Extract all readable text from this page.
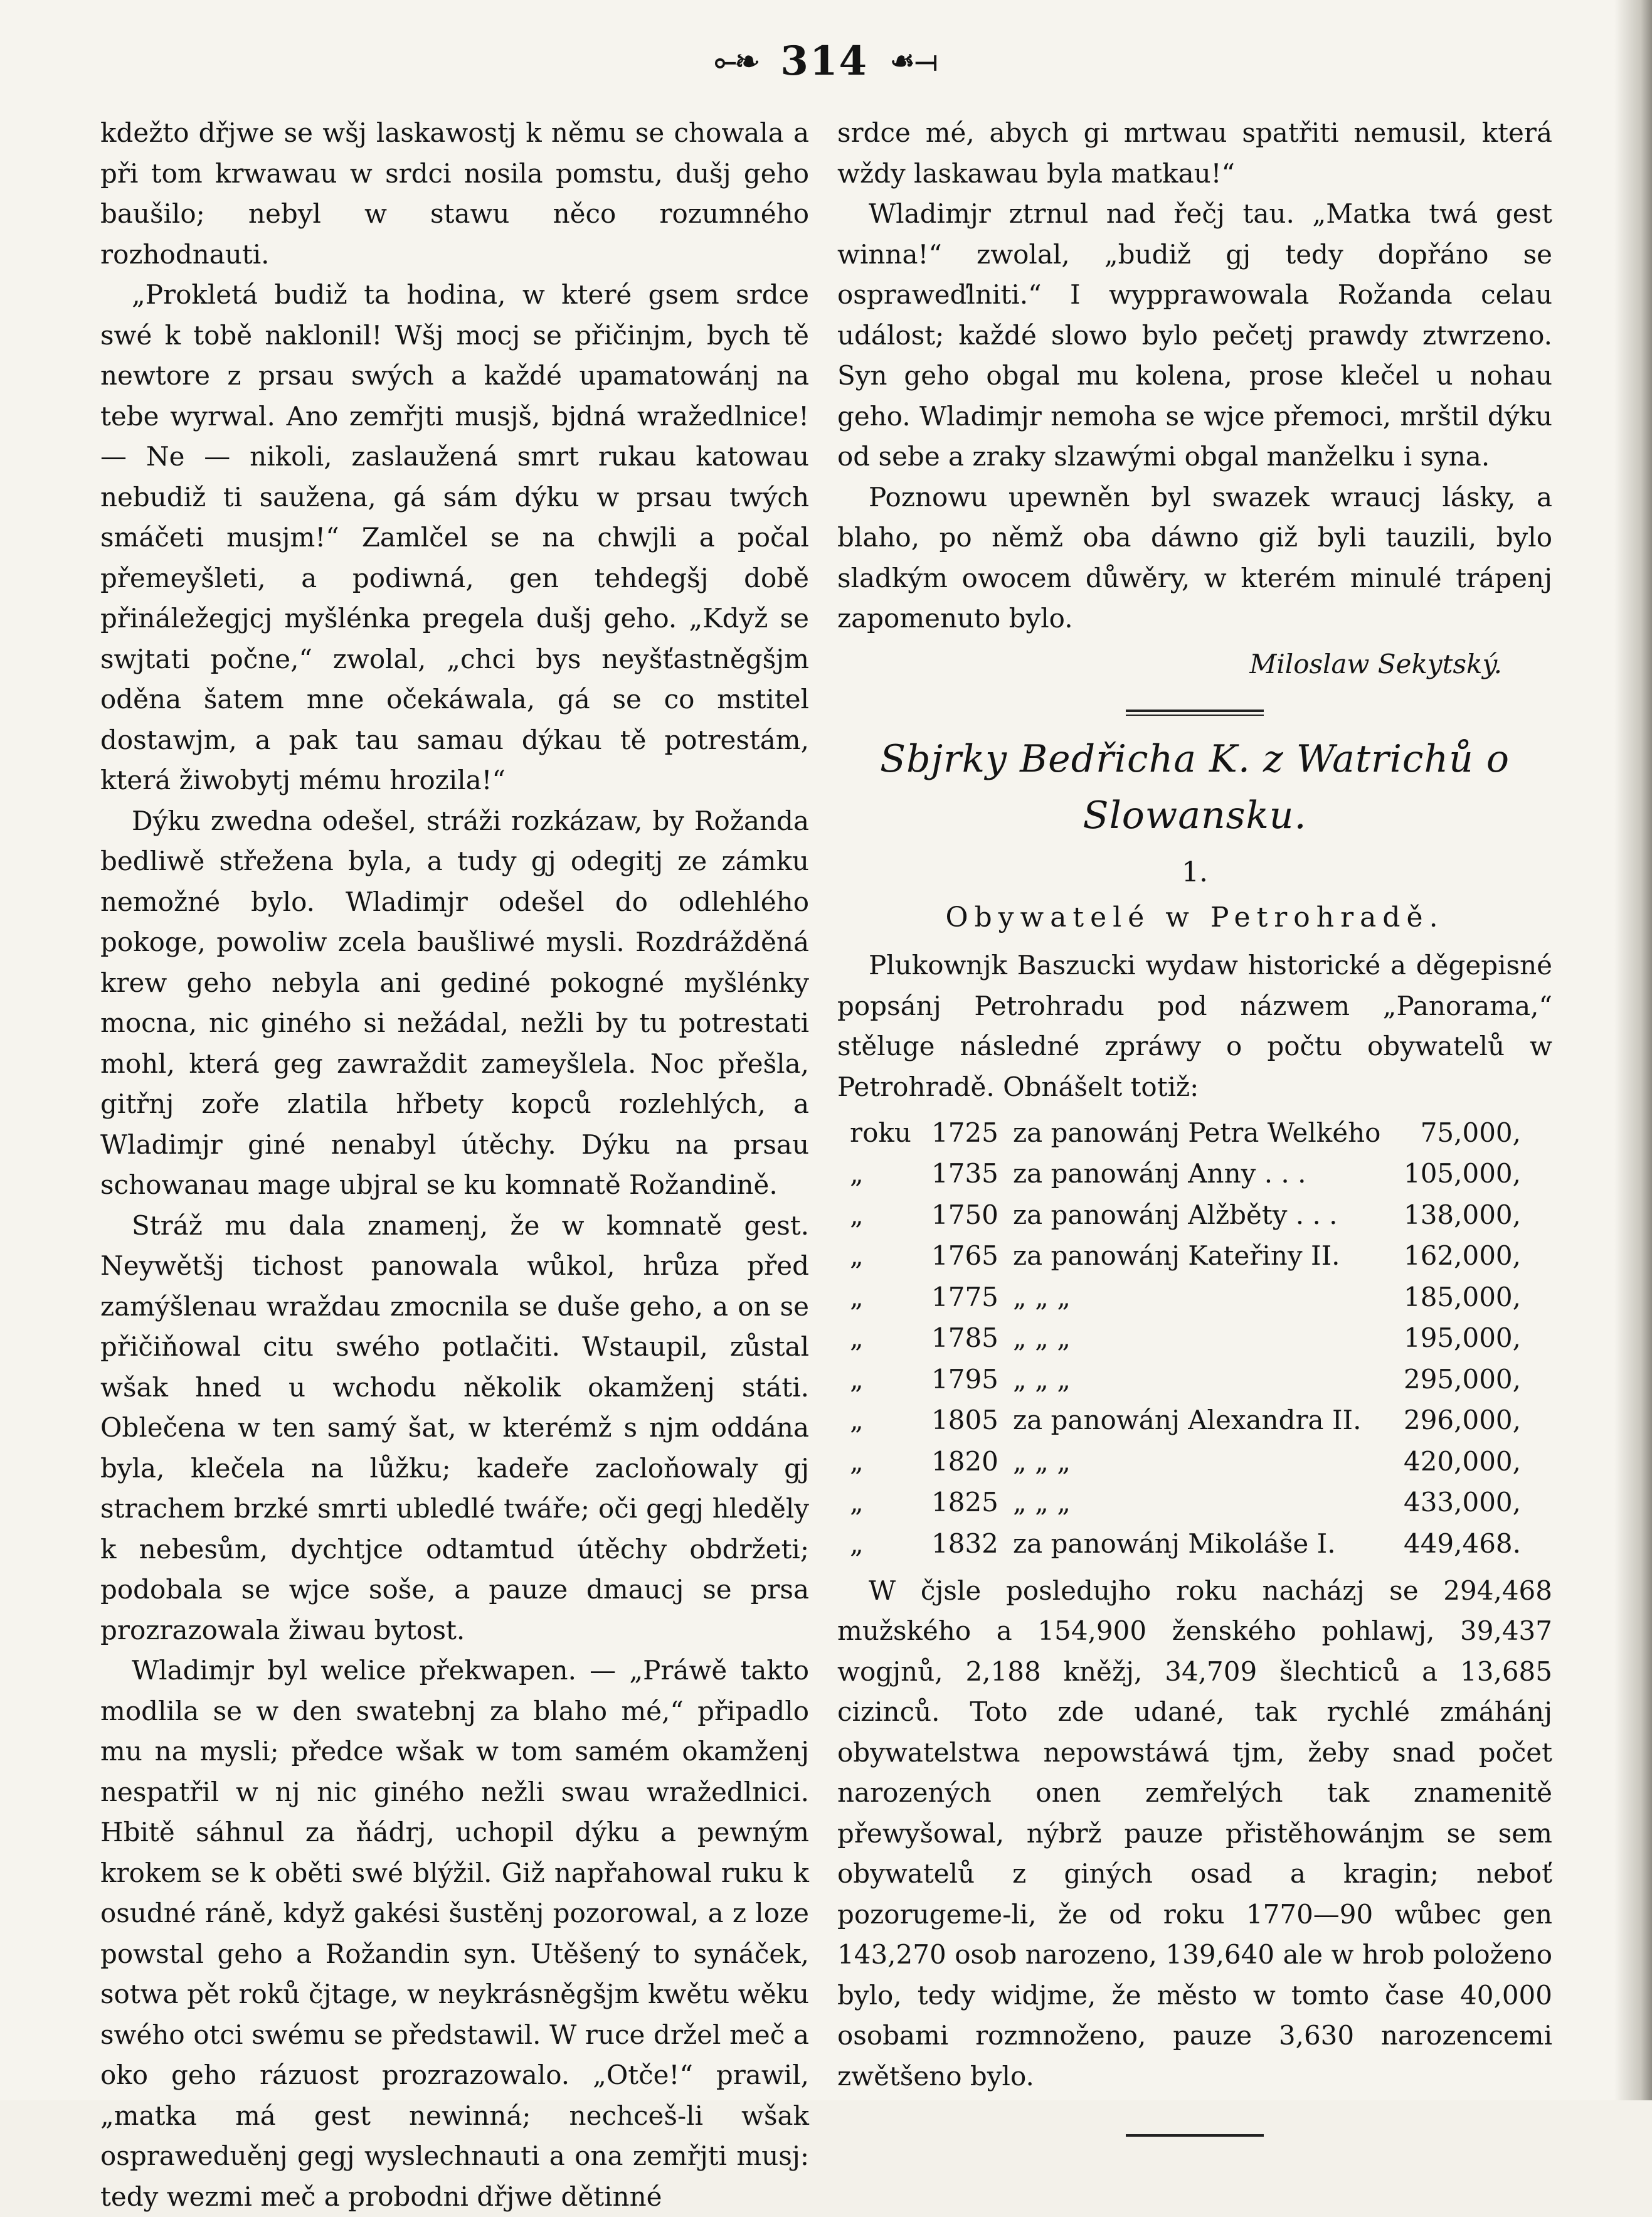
⟜❧ 314 ☙⟞

kdežto dřjwe se wšj laskawostj k němu se chowala a při tom krwawau w srdci nosila pomstu, dušj geho baušilo; nebyl w stawu něco rozumného rozhodnauti.

„Prokletá budiž ta hodina, w které gsem srdce swé k tobě naklonil! Wšj mocj se přičinjm, bych tě newtore z prsau swých a každé upamatowánj na tebe wyrwal. Ano zemřjti musjš, bjdná wražedlnice! — Ne — nikoli, zaslaužená smrt rukau katowau nebudiž ti saužena, gá sám dýku w prsau twých smáčeti musjm!“ Zamlčel se na chwjli a počal přemeyšleti, a podiwná, gen tehdegšj době přináležegjcj myšlénka pregela dušj geho. „Když se swjtati počne,“ zwolal, „chci bys neyšťastněgšjm oděna šatem mne očekáwala, gá se co mstitel dostawjm, a pak tau samau dýkau tě potrestám, která žiwobytj mému hrozila!“

Dýku zwedna odešel, stráži rozkázaw, by Rožanda bedliwě střežena byla, a tudy gj odegitj ze zámku nemožné bylo. Wladimjr odešel do odlehlého pokoge, powoliw zcela baušliwé mysli. Rozdrážděná krew geho nebyla ani gediné pokogné myšlénky mocna, nic giného si nežádal, nežli by tu potrestati mohl, která geg zawraždit zameyšlela. Noc přešla, gitřnj zoře zlatila hřbety kopců rozlehlých, a Wladimjr giné nenabyl útěchy. Dýku na prsau schowanau mage ubjral se ku komnatě Rožandině.

Stráž mu dala znamenj, že w komnatě gest. Neywětšj tichost panowala wůkol, hrůza před zamýšlenau wraždau zmocnila se duše geho, a on se přičiňowal citu swého potlačiti. Wstaupil, zůstal wšak hned u wchodu několik okamženj státi. Oblečena w ten samý šat, w kterémž s njm oddána byla, klečela na lůžku; kadeře zacloňowaly gj strachem brzké smrti ubledlé twáře; oči gegj hleděly k nebesům, dychtjce odtamtud útěchy obdržeti; podobala se wjce soše, a pauze dmaucj se prsa prozrazowala žiwau bytost.

Wladimjr byl welice překwapen. — „Práwě takto modlila se w den swatebnj za blaho mé,“ připadlo mu na mysli; předce wšak w tom samém okamženj nespatřil w nj nic giného nežli swau wražedlnici. Hbitě sáhnul za ňádrj, uchopil dýku a pewným krokem se k oběti swé blýžil. Giž napřahowal ruku k osudné ráně, když gakési šustěnj pozorowal, a z loze powstal geho a Rožandin syn. Utěšený to synáček, sotwa pět roků čjtage, w neykrásněgšjm kwětu wěku swého otci swému se předstawil. W ruce držel meč a oko geho rázuost prozrazowalo. „Otče!“ prawil, „matka má gest newinná; nechceš-li wšak ospraweduěnj gegj wyslechnauti a ona zemřjti musj: tedy wezmi meč a probodni dřjwe dětinné

srdce mé, abych gi mrtwau spatřiti nemusil, která wždy laskawau byla matkau!“

Wladimjr ztrnul nad řečj tau. „Matka twá gest winna!“ zwolal, „budiž gj tedy dopřáno se ospraweďlniti.“ I wypprawowala Rožanda celau událost; každé slowo bylo pečetj prawdy ztwrzeno. Syn geho obgal mu kolena, prose klečel u nohau geho. Wladimjr nemoha se wjce přemoci, mrštil dýku od sebe a zraky slzawými obgal manželku i syna.

Poznowu upewněn byl swazek wraucj lásky, a blaho, po němž oba dáwno giž byli tauzili, bylo sladkým owocem důwěry, w kterém minulé trápenj zapomenuto bylo.

Miloslaw Sekytský.
Sbjrky Bedřicha K. z Watrichů o Slowansku.
1.
Obywatelé w Petrohradě.

Plukownjk Baszucki wydaw historické a děgepisné popsánj Petrohradu pod názwem „Panorama,“ stěluge následné zpráwy o počtu obywatelů w Petrohradě. Obnášelt totiž:

roku	1725	za panowánj Petra Welkého	75,000,
„	1735	za panowánj Anny . . .	105,000,
„	1750	za panowánj Alžběty . . .	138,000,
„	1765	za panowánj Kateřiny II.	162,000,
„	1775	„ „ „	185,000,
„	1785	„ „ „	195,000,
„	1795	„ „ „	295,000,
„	1805	za panowánj Alexandra II.	296,000,
„	1820	„ „ „	420,000,
„	1825	„ „ „	433,000,
„	1832	za panowánj Mikoláše I.	449,468.

W čjsle posledujho roku nacházj se 294,468 mužského a 154,900 ženského pohlawj, 39,437 wogjnů, 2,188 kněžj, 34,709 šlechticů a 13,685 cizinců. Toto zde udané, tak rychlé zmáhánj obywatelstwa nepowstáwá tjm, žeby snad počet narozených onen zemřelých tak znamenitě přewyšowal, nýbrž pauze přistěhowánjm se sem obywatelů z giných osad a kragin; neboť pozorugeme-li, že od roku 1770—90 wůbec gen 143,270 osob narozeno, 139,640 ale w hrob položeno bylo, tedy widjme, že město w tomto čase 40,000 osobami rozmnoženo, pauze 3,630 narozencemi zwětšeno bylo.
